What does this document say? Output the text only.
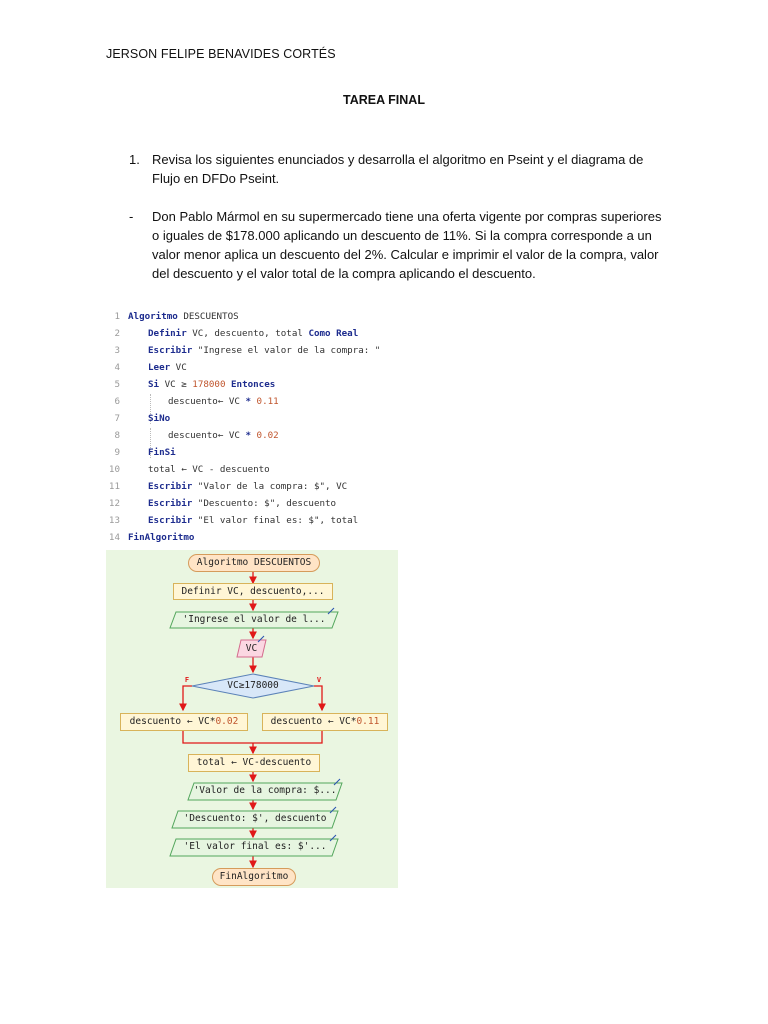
JERSON FELIPE BENAVIDES CORTÉS
TAREA FINAL
1. Revisa los siguientes enunciados y desarrolla el algoritmo en Pseint y el diagrama de Flujo en DFDo Pseint.
- Don Pablo Mármol en su supermercado tiene una oferta vigente por compras superiores o iguales de $178.000 aplicando un descuento de 11%. Si la compra corresponde a un valor menor aplica un descuento del 2%. Calcular e imprimir el valor de la compra, valor del descuento y el valor total de la compra aplicando el descuento.
1
2
3
4
5
6
7
8
9
10
11
12
13
14
Algoritmo DESCUENTOS
Definir VC, descuento, total Como Real
Escribir "Ingrese el valor de la compra: "
Leer VC
Si VC ≥ 178000 Entonces
descuento← VC * 0.11
SiNo
descuento← VC * 0.02
FinSi
total ← VC - descuento
Escribir "Valor de la compra: $", VC
Escribir "Descuento: $", descuento
Escribir "El valor final es: $", total
FinAlgoritmo
Algoritmo DESCUENTOS
Definir VC, descuento,...
'Ingrese el valor de l...
VC
VC≥178000
F	V
descuento ← VC*0.02	descuento ← VC*0.11
total ← VC-descuento
'Valor de la compra: $...
'Descuento: $', descuento
'El valor final es: $'...
FinAlgoritmo
